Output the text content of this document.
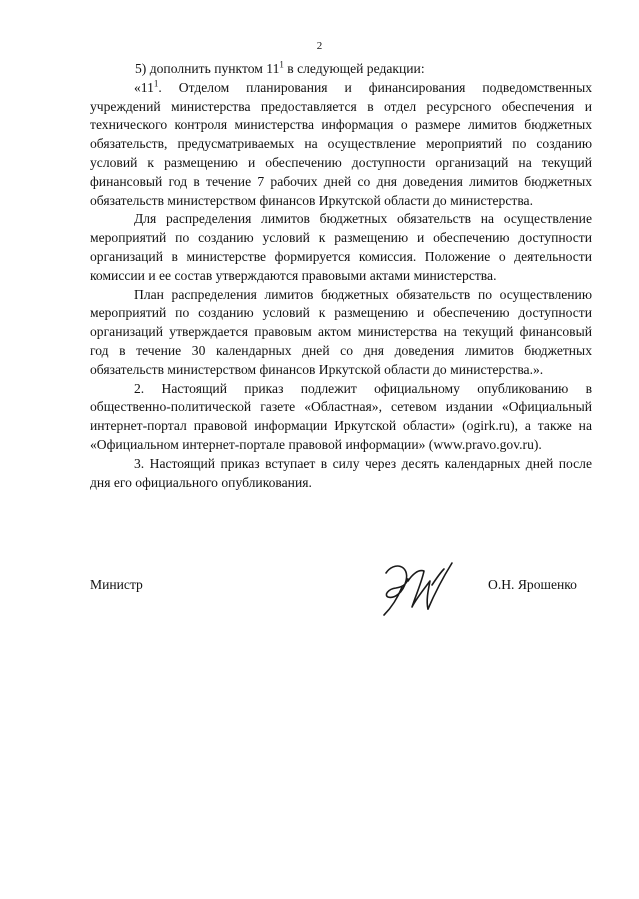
2

5) дополнить пунктом $11^1$ в следующей редакции:

«$11^1$. Отделом планирования и финансирования подведомственных учреждений министерства предоставляется в отдел ресурсного обеспечения и технического контроля министерства информация о размере лимитов бюджетных обязательств, предусматриваемых на осуществление мероприятий по созданию условий к размещению и обеспечению доступности организаций на текущий финансовый год в течение 7 рабочих дней со дня доведения лимитов бюджетных обязательств министерством финансов Иркутской области до министерства.

Для распределения лимитов бюджетных обязательств на осуществление мероприятий по созданию условий к размещению и обеспечению доступности организаций в министерстве формируется комиссия. Положение о деятельности комиссии и ее состав утверждаются правовыми актами министерства.

План распределения лимитов бюджетных обязательств по осуществлению мероприятий по созданию условий к размещению и обеспечению доступности организаций утверждается правовым актом министерства на текущий финансовый год в течение 30 календарных дней со дня доведения лимитов бюджетных обязательств министерством финансов Иркутской области до министерства.».

2. Настоящий приказ подлежит официальному опубликованию в общественно-политической газете «Областная», сетевом издании «Официальный интернет-портал правовой информации Иркутской области» (ogirk.ru), а также на «Официальном интернет-портале правовой информации» (www.pravo.gov.ru).

3. Настоящий приказ вступает в силу через десять календарных дней после дня его официального опубликования.

Министр	О.Н. Ярошенко
